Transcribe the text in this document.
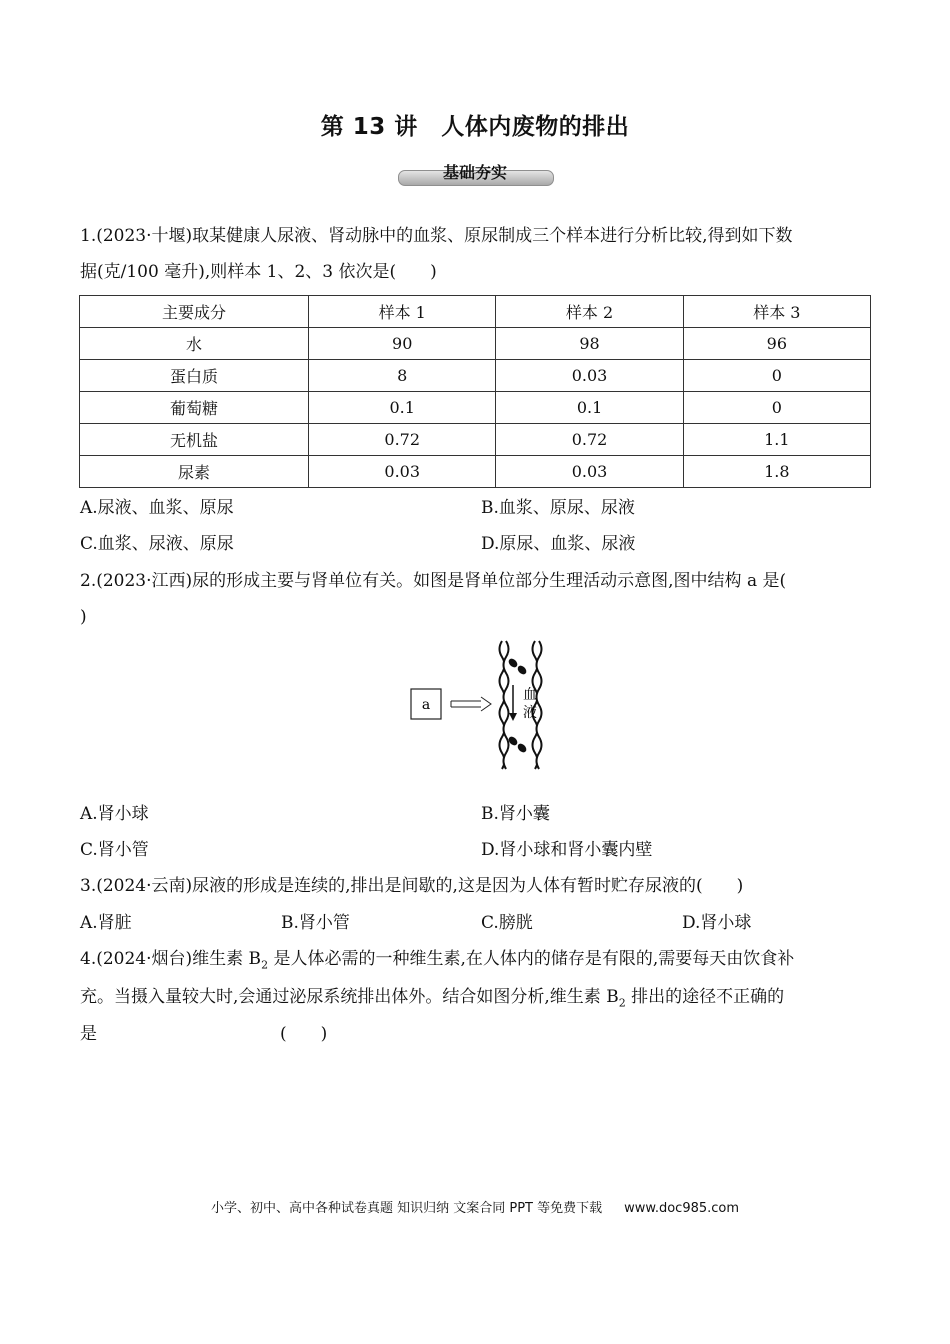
第 13 讲　人体内废物的排出
基础夯实
1.(2023·十堰)取某健康人尿液、肾动脉中的血浆、原尿制成三个样本进行分析比较,得到如下数
据(克/100 毫升),则样本 1、2、3 依次是(　　)
主要成分	样本 1	样本 2	样本 3
水	90	98	96
蛋白质	8	0.03	0
葡萄糖	0.1	0.1	0
无机盐	0.72	0.72	1.1
尿素	0.03	0.03	1.8
A.尿液、血浆、原尿	B.血浆、原尿、尿液
C.血浆、尿液、原尿	D.原尿、血浆、尿液
2.(2023·江西)尿的形成主要与肾单位有关。如图是肾单位部分生理活动示意图,图中结构 a 是(
)
a
血
液
A.肾小球	B.肾小囊
C.肾小管	D.肾小球和肾小囊内壁
3.(2024·云南)尿液的形成是连续的,排出是间歇的,这是因为人体有暂时贮存尿液的(　　)
A.肾脏	B.肾小管	C.膀胱	D.肾小球
4.(2024·烟台)维生素 $B_2$ 是人体必需的一种维生素,在人体内的储存是有限的,需要每天由饮食补
充。当摄入量较大时,会通过泌尿系统排出体外。结合如图分析,维生素 $B_2$ 排出的途径不正确的
是	(　　)
小学、初中、高中各种试卷真题 知识归纳 文案合同 PPT 等免费下载 www.doc985.com
